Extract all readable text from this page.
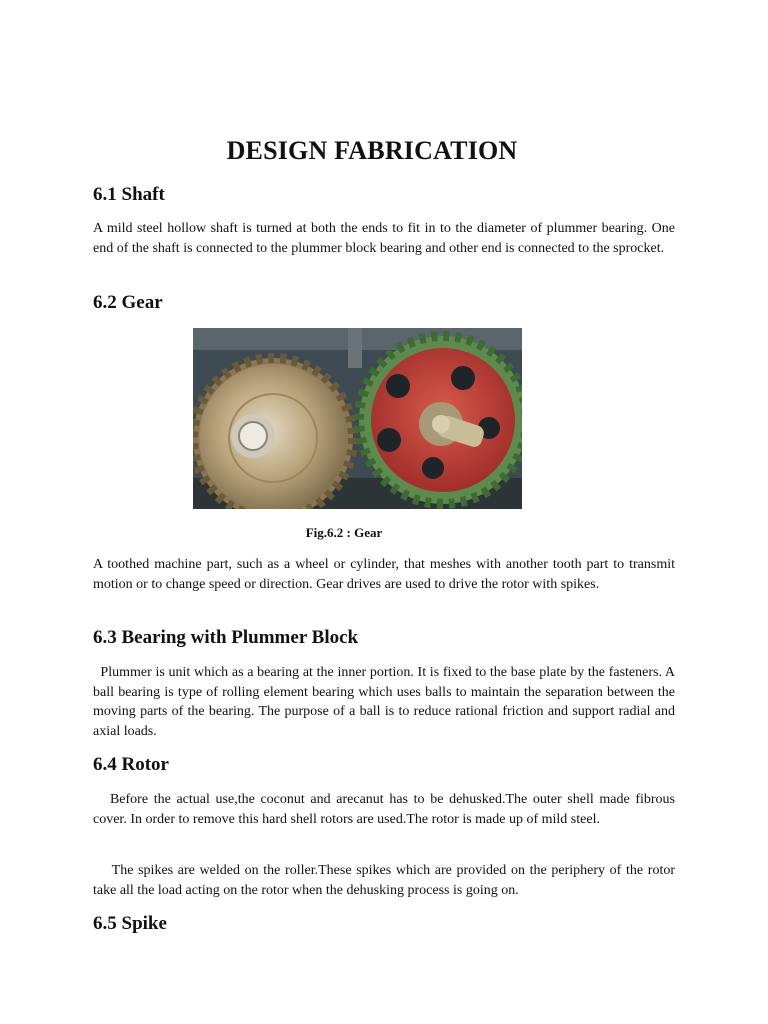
DESIGN FABRICATION
6.1 Shaft

A mild steel hollow shaft is turned at both the ends to fit in to the diameter of plummer bearing. One end of the shaft is connected to the plummer block bearing and other end is connected to the sprocket.

6.2 Gear

Fig.6.2 : Gear

A toothed machine part, such as a wheel or cylinder, that meshes with another tooth part to transmit motion or to change speed or direction. Gear drives are used to drive the rotor with spikes.

6.3 Bearing with Plummer Block

Plummer is unit which as a bearing at the inner portion. It is fixed to the base plate by the fasteners. A ball bearing is type of rolling element bearing which uses balls to maintain the separation between the moving parts of the bearing. The purpose of a ball is to reduce rational friction and support radial and axial loads.

6.4 Rotor

Before the actual use,the coconut and arecanut has to be dehusked.The outer shell made fibrous cover. In order to remove this hard shell rotors are used.The rotor is made up of mild steel.

The spikes are welded on the roller.These spikes which are provided on the periphery of the rotor take all the load acting on the rotor when the dehusking process is going on.

6.5 Spike
